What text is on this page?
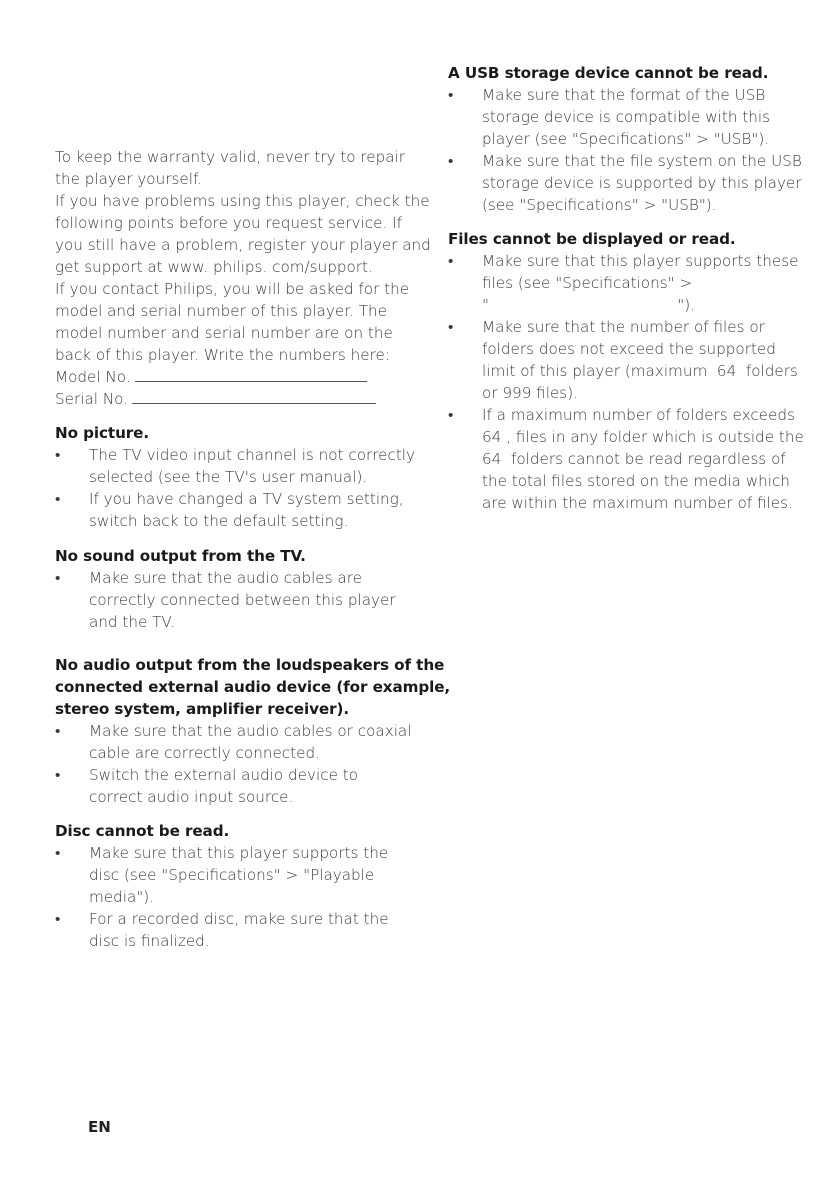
To keep the warranty valid, never try to repair
the player yourself.
If you have problems using this player, check the
following points before you request service. If
you still have a problem, register your player and
get support at www. philips. com/support.
If you contact Philips, you will be asked for the
model and serial number of this player. The
model number and serial number are on the
back of this player. Write the numbers here:
Model No.
Serial No.
No picture.
•	The TV video input channel is not correctly
selected (see the TV's user manual).
•	If you have changed a TV system setting,
switch back to the default setting.
No sound output from the TV.
•	Make sure that the audio cables are
correctly connected between this player
and the TV.
No audio output from the loudspeakers of the
connected external audio device (for example,
stereo system, amplifier receiver).
•	Make sure that the audio cables or coaxial
cable are correctly connected.
•	Switch the external audio device to
correct audio input source.
Disc cannot be read.
•	Make sure that this player supports the
disc (see "Specifications" > "Playable
media").
•	For a recorded disc, make sure that the
disc is finalized.
A USB storage device cannot be read.
•	Make sure that the format of the USB
storage device is compatible with this
player (see "Specifications" > "USB").
•	Make sure that the file system on the USB
storage device is supported by this player
(see "Specifications" > "USB").
Files cannot be displayed or read.
•	Make sure that this player supports these
files (see "Specifications" >
"                                       ").
•	Make sure that the number of files or
folders does not exceed the supported
limit of this player (maximum  64  folders
or 999 files).
•	If a maximum number of folders exceeds
64 , files in any folder which is outside the
64  folders cannot be read regardless of
the total files stored on the media which
are within the maximum number of files.
EN
